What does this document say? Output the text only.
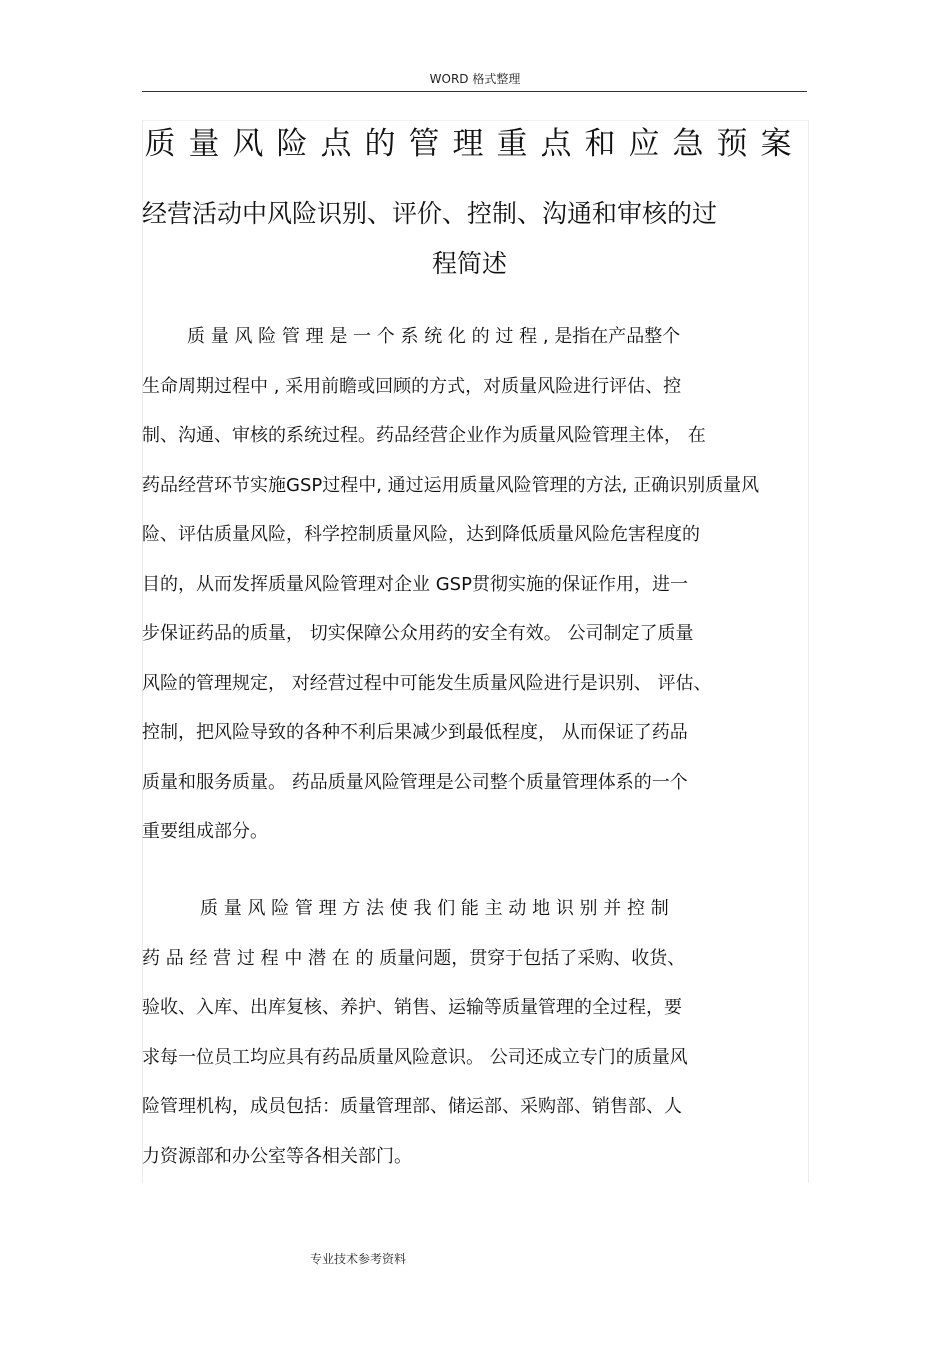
WORD 格式整理
质量风险点的管理重点和应急预案
经营活动中风险识别、评价、控制、沟通和审核的过
程简述
质 量 风 险 管 理 是 一 个 系 统 化 的 过 程 , 是指在产品整个
生命周期过程中 , 采用前瞻或回顾的方式，对质量风险进行评估、控
制、沟通、审核的系统过程。药品经营企业作为质量风险管理主体， 在
药品经营环节实施GSP过程中, 通过运用质量风险管理的方法, 正确识别质量风
险、评估质量风险，科学控制质量风险，达到降低质量风险危害程度的
目的，从而发挥质量风险管理对企业 GSP贯彻实施的保证作用，进一
步保证药品的质量， 切实保障公众用药的安全有效。 公司制定了质量
风险的管理规定， 对经营过程中可能发生质量风险进行是识别、 评估、
控制，把风险导致的各种不利后果减少到最低程度， 从而保证了药品
质量和服务质量。 药品质量风险管理是公司整个质量管理体系的一个
重要组成部分。
质 量 风 险 管 理 方 法 使 我 们 能 主 动 地 识 别 并 控 制
药 品 经 营 过 程 中 潜 在 的 质量问题，贯穿于包括了采购、收货、
验收、入库、出库复核、养护、销售、运输等质量管理的全过程，要
求每一位员工均应具有药品质量风险意识。 公司还成立专门的质量风
险管理机构，成员包括：质量管理部、储运部、采购部、销售部、人
力资源部和办公室等各相关部门。
专业技术参考资料
